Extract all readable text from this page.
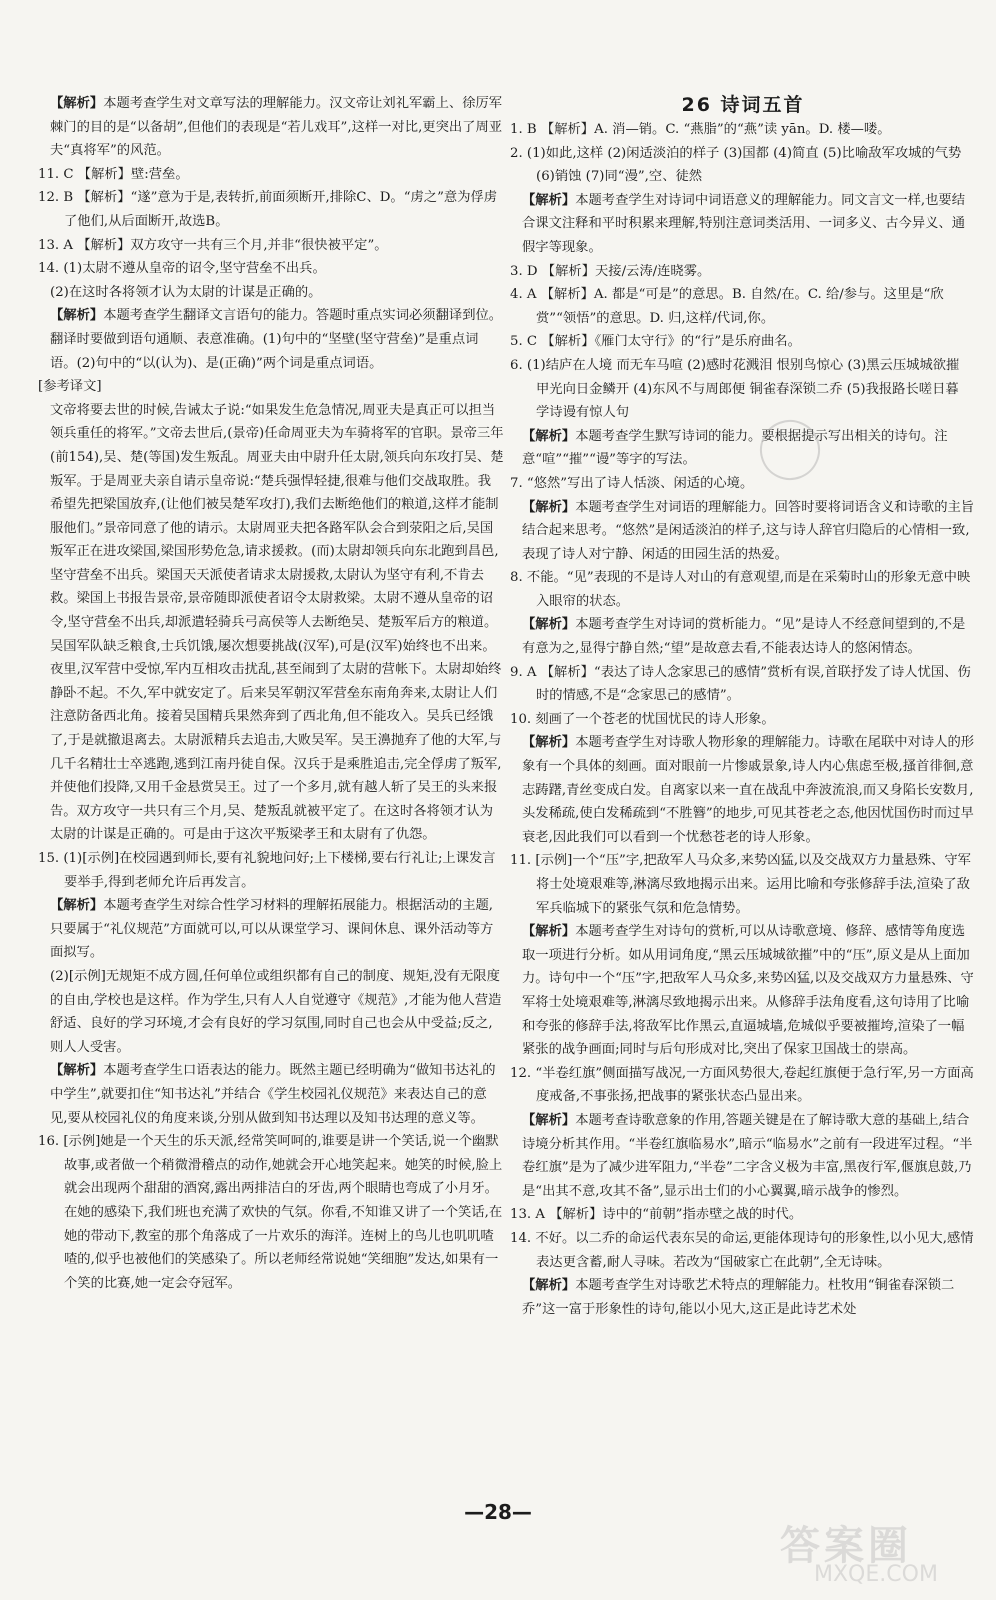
【解析】本题考查学生对文章写法的理解能力。汉文帝让刘礼军霸上、徐厉军棘门的目的是“以备胡”,但他们的表现是“若儿戏耳”,这样一对比,更突出了周亚夫“真将军”的风范。

11. C 【解析】壁:营垒。

12. B 【解析】“遂”意为于是,表转折,前面须断开,排除C、D。“虏之”意为俘虏了他们,从后面断开,故选B。

13. A 【解析】双方攻守一共有三个月,并非“很快被平定”。

14. (1)太尉不遵从皇帝的诏令,坚守营垒不出兵。

(2)在这时各将领才认为太尉的计谋是正确的。

【解析】本题考查学生翻译文言语句的能力。答题时重点实词必须翻译到位。翻译时要做到语句通顺、表意准确。(1)句中的“坚壁(坚守营垒)”是重点词语。(2)句中的“以(认为)、是(正确)”两个词是重点词语。

[参考译文]

文帝将要去世的时候,告诫太子说:“如果发生危急情况,周亚夫是真正可以担当领兵重任的将军。”文帝去世后,(景帝)任命周亚夫为车骑将军的官职。景帝三年(前154),吴、楚(等国)发生叛乱。周亚夫由中尉升任太尉,领兵向东攻打吴、楚叛军。于是周亚夫亲自请示皇帝说:“楚兵强悍轻捷,很难与他们交战取胜。我希望先把梁国放弃,(让他们被吴楚军攻打),我们去断绝他们的粮道,这样才能制服他们。”景帝同意了他的请示。太尉周亚夫把各路军队会合到荥阳之后,吴国叛军正在进攻梁国,梁国形势危急,请求援救。(而)太尉却领兵向东北跑到昌邑,坚守营垒不出兵。梁国天天派使者请求太尉援救,太尉认为坚守有利,不肯去救。梁国上书报告景帝,景帝随即派使者诏令太尉救梁。太尉不遵从皇帝的诏令,坚守营垒不出兵,却派遣轻骑兵弓高侯等人去断绝吴、楚叛军后方的粮道。吴国军队缺乏粮食,士兵饥饿,屡次想要挑战(汉军),可是(汉军)始终也不出来。夜里,汉军营中受惊,军内互相攻击扰乱,甚至闹到了太尉的营帐下。太尉却始终静卧不起。不久,军中就安定了。后来吴军朝汉军营垒东南角奔来,太尉让人们注意防备西北角。接着吴国精兵果然奔到了西北角,但不能攻入。吴兵已经饿了,于是就撤退离去。太尉派精兵去追击,大败吴军。吴王濞抛弃了他的大军,与几千名精壮士卒逃跑,逃到江南丹徒自保。汉兵于是乘胜追击,完全俘虏了叛军,并使他们投降,又用千金悬赏吴王。过了一个多月,就有越人斩了吴王的头来报告。双方攻守一共只有三个月,吴、楚叛乱就被平定了。在这时各将领才认为太尉的计谋是正确的。可是由于这次平叛梁孝王和太尉有了仇怨。

15. (1)[示例]在校园遇到师长,要有礼貌地问好;上下楼梯,要右行礼让;上课发言要举手,得到老师允许后再发言。

【解析】本题考查学生对综合性学习材料的理解拓展能力。根据活动的主题,只要属于“礼仪规范”方面就可以,可以从课堂学习、课间休息、课外活动等方面拟写。

(2)[示例]无规矩不成方圆,任何单位或组织都有自己的制度、规矩,没有无限度的自由,学校也是这样。作为学生,只有人人自觉遵守《规范》,才能为他人营造舒适、良好的学习环境,才会有良好的学习氛围,同时自己也会从中受益;反之,则人人受害。

【解析】本题考查学生口语表达的能力。既然主题已经明确为“做知书达礼的中学生”,就要扣住“知书达礼”并结合《学生校园礼仪规范》来表达自己的意见,要从校园礼仪的角度来谈,分别从做到知书达理以及知书达理的意义等。

16. [示例]她是一个天生的乐天派,经常笑呵呵的,谁要是讲一个笑话,说一个幽默故事,或者做一个稍微滑稽点的动作,她就会开心地笑起来。她笑的时候,脸上就会出现两个甜甜的酒窝,露出两排洁白的牙齿,两个眼睛也弯成了小月牙。在她的感染下,我们班也充满了欢快的气氛。你看,不知谁又讲了一个笑话,在她的带动下,教室的那个角落成了一片欢乐的海洋。连树上的鸟儿也叽叽喳喳的,似乎也被他们的笑感染了。所以老师经常说她“笑细胞”发达,如果有一个笑的比赛,她一定会夺冠军。

26 诗词五首

1. B 【解析】A. 消—销。C. “燕脂”的“燕”读 yān。D. 楼—喽。

2. (1)如此,这样 (2)闲适淡泊的样子 (3)国都 (4)简直 (5)比喻敌军攻城的气势 (6)销蚀 (7)同“漫”,空、徒然

【解析】本题考查学生对诗词中词语意义的理解能力。同文言文一样,也要结合课文注释和平时积累来理解,特别注意词类活用、一词多义、古今异义、通假字等现象。

3. D 【解析】天接/云涛/连晓雾。

4. A 【解析】A. 都是“可是”的意思。B. 自然/在。C. 给/参与。这里是“欣赏”“领悟”的意思。D. 归,这样/代词,你。

5. C 【解析】《雁门太守行》的“行”是乐府曲名。

6. (1)结庐在人境 而无车马喧 (2)感时花溅泪 恨别鸟惊心 (3)黑云压城城欲摧 甲光向日金鳞开 (4)东风不与周郎便 铜雀春深锁二乔 (5)我报路长嗟日暮 学诗谩有惊人句

【解析】本题考查学生默写诗词的能力。要根据提示写出相关的诗句。注意“喧”“摧”“谩”等字的写法。

7. “悠然”写出了诗人恬淡、闲适的心境。

【解析】本题考查学生对词语的理解能力。回答时要将词语含义和诗歌的主旨结合起来思考。“悠然”是闲适淡泊的样子,这与诗人辞官归隐后的心情相一致,表现了诗人对宁静、闲适的田园生活的热爱。

8. 不能。“见”表现的不是诗人对山的有意观望,而是在采菊时山的形象无意中映入眼帘的状态。

【解析】本题考查学生对诗词的赏析能力。“见”是诗人不经意间望到的,不是有意为之,显得宁静自然;“望”是故意去看,不能表达诗人的悠闲情态。

9. A 【解析】“表达了诗人念家思己的感情”赏析有误,首联抒发了诗人忧国、伤时的情感,不是“念家思己的感情”。

10. 刻画了一个苍老的忧国忧民的诗人形象。

【解析】本题考查学生对诗歌人物形象的理解能力。诗歌在尾联中对诗人的形象有一个具体的刻画。面对眼前一片惨戚景象,诗人内心焦虑至极,搔首徘徊,意志踌躇,青丝变成白发。自离家以来一直在战乱中奔波流浪,而又身陷长安数月,头发稀疏,使白发稀疏到“不胜簪”的地步,可见其苍老之态,他因忧国伤时而过早衰老,因此我们可以看到一个忧愁苍老的诗人形象。

11. [示例]一个“压”字,把敌军人马众多,来势凶猛,以及交战双方力量悬殊、守军将士处境艰难等,淋漓尽致地揭示出来。运用比喻和夸张修辞手法,渲染了敌军兵临城下的紧张气氛和危急情势。

【解析】本题考查学生对诗句的赏析,可以从诗歌意境、修辞、感情等角度选取一项进行分析。如从用词角度,“黑云压城城欲摧”中的“压”,原义是从上面加力。诗句中一个“压”字,把敌军人马众多,来势凶猛,以及交战双方力量悬殊、守军将士处境艰难等,淋漓尽致地揭示出来。从修辞手法角度看,这句诗用了比喻和夸张的修辞手法,将敌军比作黑云,直逼城墙,危城似乎要被摧垮,渲染了一幅紧张的战争画面;同时与后句形成对比,突出了保家卫国战士的崇高。

12. “半卷红旗”侧面描写战况,一方面风势很大,卷起红旗便于急行军,另一方面高度戒备,不事张扬,把战事的紧张状态凸显出来。

【解析】本题考查诗歌意象的作用,答题关键是在了解诗歌大意的基础上,结合诗境分析其作用。“半卷红旗临易水”,暗示“临易水”之前有一段进军过程。“半卷红旗”是为了减少进军阻力,“半卷”二字含义极为丰富,黑夜行军,偃旗息鼓,乃是“出其不意,攻其不备”,显示出士们的小心翼翼,暗示战争的惨烈。

13. A 【解析】诗中的“前朝”指赤壁之战的时代。

14. 不好。以二乔的命运代表东吴的命运,更能体现诗句的形象性,以小见大,感情表达更含蓄,耐人寻味。若改为“国破家亡在此朝”,全无诗味。

【解析】本题考查学生对诗歌艺术特点的理解能力。杜牧用“铜雀春深锁二乔”这一富于形象性的诗句,能以小见大,这正是此诗艺术处

—28—
答案圈
MXQE.COM
